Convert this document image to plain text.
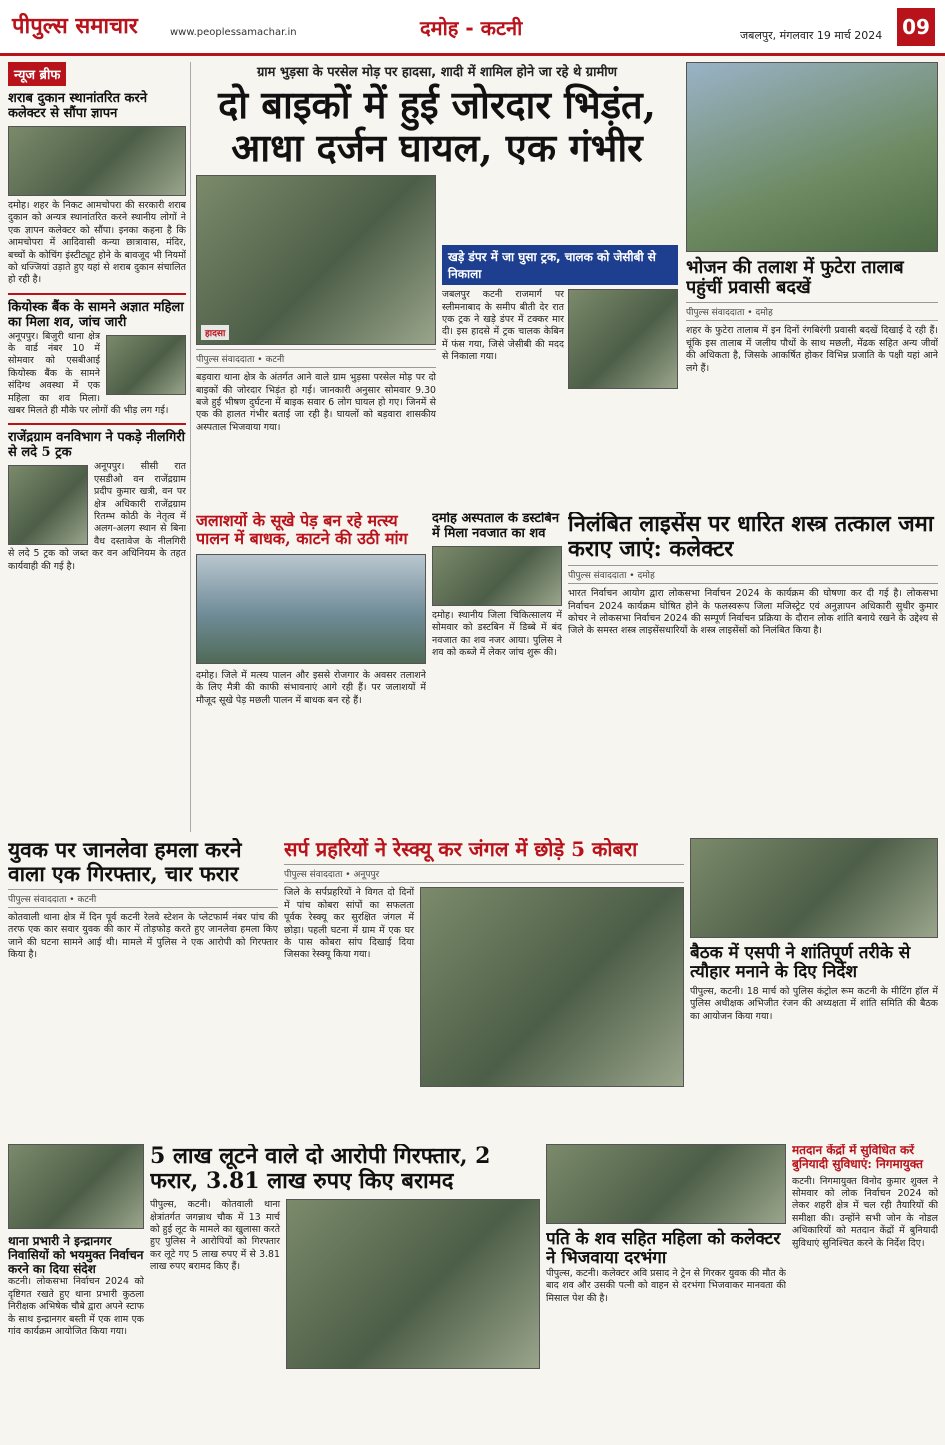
पीपुल्स समाचार	www.peoplessamachar.in	दमोह - कटनी	जबलपुर, मंगलवार 19 मार्च 2024 09
न्यूज ब्रीफ
शराब दुकान स्थानांतरित करने कलेक्टर से सौंपा ज्ञापन
दमोह। शहर के निकट आमचोपरा की सरकारी शराब दुकान को अन्यत्र स्थानांतरित करने स्थानीय लोगों ने एक ज्ञापन कलेक्टर को सौंपा। इनका कहना है कि आमचोपरा में आदिवासी कन्या छात्रावास, मंदिर, बच्चों के कोचिंग इंस्टीट्यूट होने के बावजूद भी नियमों को धज्जियां उड़ाते हुए यहां से शराब दुकान संचालित हो रही है।
कियोस्क बैंक के सामने अज्ञात महिला का मिला शव, जांच जारी
अनूपपुर। बिजुरी थाना क्षेत्र के वार्ड नंबर 10 में सोमवार को एसबीआई कियोस्क बैंक के सामने संदिग्ध अवस्था में एक महिला का शव मिला। खबर मिलते ही मौके पर लोगों की भीड़ लग गई।
राजेंद्रग्राम वनविभाग ने पकड़े नीलगिरी से लदे 5 ट्रक
अनूपपुर। सीसी रात एसडीओ वन राजेंद्रग्राम प्रदीप कुमार खत्री, वन पर क्षेत्र अधिकारी राजेंद्रग्राम रितम्भ कोठी के नेतृत्व में अलग-अलग स्थान से बिना वैध दस्तावेज के नीलगिरी से लदे 5 ट्रक को जब्त कर वन अधिनियम के तहत कार्यवाही की गई है।
ग्राम भुड़सा के परसेल मोड़ पर हादसा, शादी में शामिल होने जा रहे थे ग्रामीण
दो बाइकों में हुई जोरदार भिड़ंत, आधा दर्जन घायल, एक गंभीर
हादसा
पीपुल्स संवाददाता • कटनी
बड़वारा थाना क्षेत्र के अंतर्गत आने वाले ग्राम भुड़सा परसेल मोड़ पर दो बाइकों की जोरदार भिड़ंत हो गई। जानकारी अनुसार सोमवार 9.30 बजे हुई भीषण दुर्घटना में बाइक सवार 6 लोग घायल हो गए। जिनमें से एक की हालत गंभीर बताई जा रही है। घायलों को बड़वारा शासकीय अस्पताल भिजवाया गया।
खड़े डंपर में जा घुसा ट्रक, चालक को जेसीबी से निकाला
जबलपुर कटनी राजमार्ग पर स्लीमनाबाद के समीप बीती देर रात एक ट्रक ने खड़े डंपर में टक्कर मार दी। इस हादसे में ट्रक चालक केबिन में फंस गया, जिसे जेसीबी की मदद से निकाला गया।
भोजन की तलाश में फुटेरा तालाब पहुंचीं प्रवासी बदखें
पीपुल्स संवाददाता • दमोह
शहर के फुटेरा तालाब में इन दिनों रंगबिरंगी प्रवासी बदखें दिखाई दे रही हैं। चूंकि इस तालाब में जलीय पौधों के साथ मछली, मेंढक सहित अन्य जीवों की अधिकता है, जिसके आकर्षित होकर विभिन्न प्रजाति के पक्षी यहां आने लगे हैं।
जलाशयों के सूखे पेड़ बन रहे मत्स्य पालन में बाधक, काटने की उठी मांग
दमोह। जिले में मत्स्य पालन और इससे रोजगार के अवसर तलाशने के लिए मैत्री की काफी संभावनाएं आगे रही हैं। पर जलाशयों में मौजूद सूखे पेड़ मछली पालन में बाधक बन रहे हैं।
दमोह अस्पताल के डस्टबिन में मिला नवजात का शव
दमोह। स्थानीय जिला चिकित्सालय में सोमवार को डस्टबिन में डिब्बे में बंद नवजात का शव नजर आया। पुलिस ने शव को कब्जे में लेकर जांच शुरू की।
निलंबित लाइसेंस पर धारित शस्त्र तत्काल जमा कराए जाएं: कलेक्टर
पीपुल्स संवाददाता • दमोह
भारत निर्वाचन आयोग द्वारा लोकसभा निर्वाचन 2024 के कार्यक्रम की घोषणा कर दी गई है। लोकसभा निर्वाचन 2024 कार्यक्रम घोषित होने के फलस्वरूप जिला मजिस्ट्रेट एवं अनुज्ञापन अधिकारी सुधीर कुमार कोचर ने लोकसभा निर्वाचन 2024 की सम्पूर्ण निर्वाचन प्रक्रिया के दौरान लोक शांति बनाये रखने के उद्देश्य से जिले के समस्त शस्त्र लाइसेंसधारियों के शस्त्र लाइसेंसों को निलंबित किया है।
युवक पर जानलेवा हमला करने वाला एक गिरफ्तार, चार फरार
पीपुल्स संवाददाता • कटनी
कोतवाली थाना क्षेत्र में दिन पूर्व कटनी रेलवे स्टेशन के प्लेटफार्म नंबर पांच की तरफ एक कार सवार युवक की कार में तोड़फोड़ करते हुए जानलेवा हमला किए जाने की घटना सामने आई थी। मामले में पुलिस ने एक आरोपी को गिरफ्तार किया है।
सर्प प्रहरियों ने रेस्क्यू कर जंगल में छोड़े 5 कोबरा
पीपुल्स संवाददाता • अनूपपुर
जिले के सर्पप्रहरियों ने विगत दो दिनों में पांच कोबरा सांपों का सफलता पूर्वक रेस्क्यू कर सुरक्षित जंगल में छोड़ा। पहली घटना में ग्राम में एक घर के पास कोबरा सांप दिखाई दिया जिसका रेस्क्यू किया गया।	बैठक में एसपी ने शांतिपूर्ण तरीके से त्यौहार मनाने के दिए निर्देश
पीपुल्स, कटनी। 18 मार्च को पुलिस कंट्रोल रूम कटनी के मीटिंग हॉल में पुलिस अधीक्षक अभिजीत रंजन की अध्यक्षता में शांति समिति की बैठक का आयोजन किया गया।
5 लाख लूटने वाले दो आरोपी गिरफ्तार, 2 फरार, 3.81 लाख रुपए किए बरामद
पीपुल्स, कटनी। कोतवाली थाना क्षेत्रांतर्गत जगन्नाथ चौक में 13 मार्च को हुई लूट के मामले का खुलासा करते हुए पुलिस ने आरोपियों को गिरफ्तार कर लूटे गए 5 लाख रुपए में से 3.81 लाख रुपए बरामद किए हैं।
थाना प्रभारी ने इन्द्रानगर निवासियों को भयमुक्त निर्वाचन करने का दिया संदेश
कटनी। लोकसभा निर्वाचन 2024 को दृष्टिगत रखते हुए थाना प्रभारी कुठला निरीक्षक अभिषेक चौबे द्वारा अपने स्टाफ के साथ इन्द्रानगर बस्ती में एक शाम एक गांव कार्यक्रम आयोजित किया गया।
पति के शव सहित महिला को कलेक्टर ने भिजवाया दरभंगा
पीपुल्स, कटनी। कलेक्टर अवि प्रसाद ने ट्रेन से गिरकर युवक की मौत के बाद शव और उसकी पत्नी को वाहन से दरभंगा भिजवाकर मानवता की मिसाल पेश की है।
मतदान केंद्रों में सुविधित करें बुनियादी सुविधाएं: निगमायुक्त
कटनी। निगमायुक्त विनोद कुमार शुक्ल ने सोमवार को लोक निर्वाचन 2024 को लेकर शहरी क्षेत्र में चल रही तैयारियों की समीक्षा की। उन्होंने सभी जोन के नोडल अधिकारियों को मतदान केंद्रों में बुनियादी सुविधाएं सुनिश्चित करने के निर्देश दिए।
